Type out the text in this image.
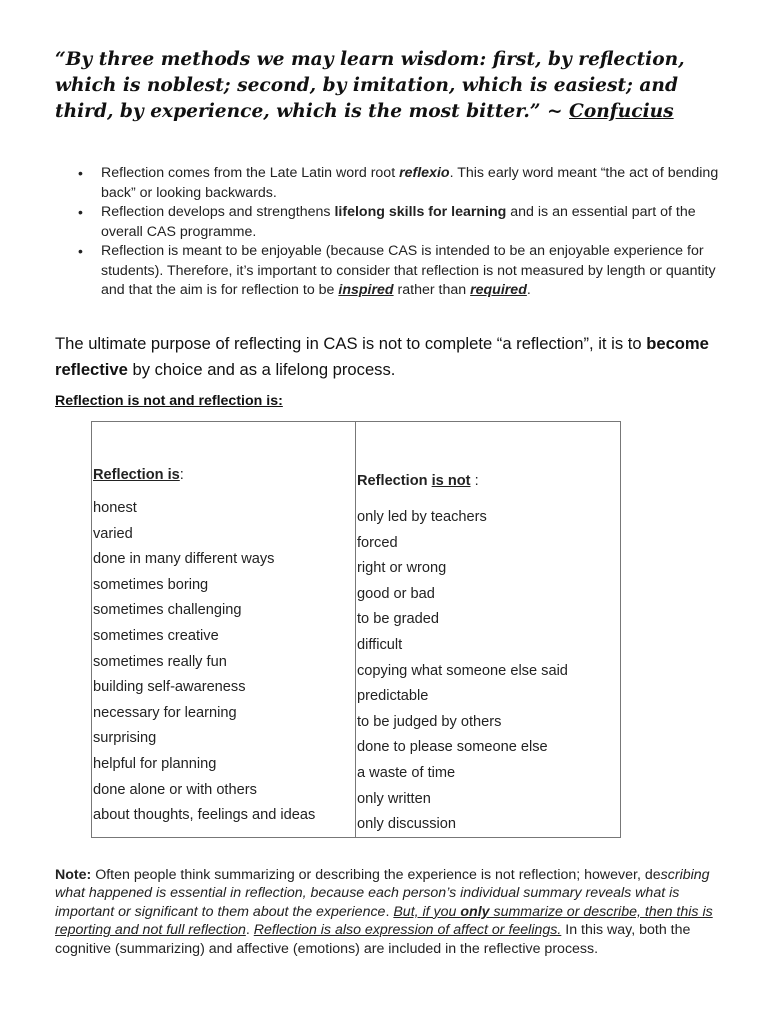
“By three methods we may learn wisdom: first, by reflection, which is noblest; second, by imitation, which is easiest; and third, by experience, which is the most bitter.” ~ Confucius
• Reflection comes from the Late Latin word root reflexio. This early word meant “the act of bending back” or looking backwards.
• Reflection develops and strengthens lifelong skills for learning and is an essential part of the overall CAS programme.
• Reflection is meant to be enjoyable (because CAS is intended to be an enjoyable experience for students). Therefore, it’s important to consider that reflection is not measured by length or quantity and that the aim is for reflection to be inspired rather than required.
The ultimate purpose of reflecting in CAS is not to complete “a reflection”, it is to become reflective by choice and as a lifelong process.
Reflection is not and reflection is:
Reflection is:
honest
varied
done in many different ways
sometimes boring
sometimes challenging
sometimes creative
sometimes really fun
building self-awareness
necessary for learning
surprising
helpful for planning
done alone or with others
about thoughts, feelings and ideas
Reflection is not :
only led by teachers
forced
right or wrong
good or bad
to be graded
difficult
copying what someone else said
predictable
to be judged by others
done to please someone else
a waste of time
only written
only discussion
Note: Often people think summarizing or describing the experience is not reflection; however, describing what happened is essential in reflection, because each person’s individual summary reveals what is important or significant to them about the experience. But, if you only summarize or describe, then this is reporting and not full reflection. Reflection is also expression of affect or feelings. In this way, both the cognitive (summarizing) and affective (emotions) are included in the reflective process.
